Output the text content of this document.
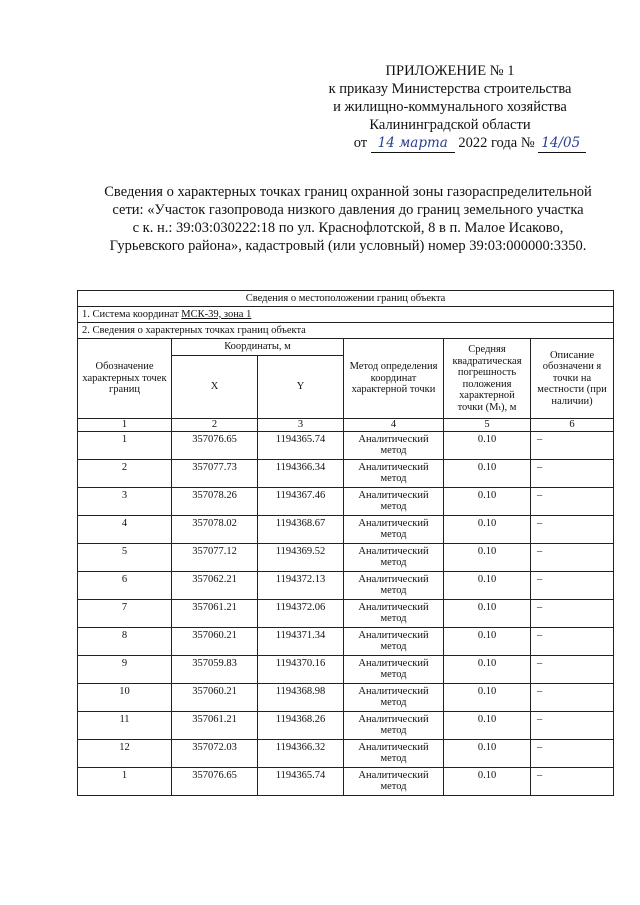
ПРИЛОЖЕНИЕ № 1
к приказу Министерства строительства
и жилищно-коммунального хозяйства
Калининградской области
от 14 марта 2022 года № 14/05
Сведения о характерных точках границ охранной зоны газораспределительной
сети: «Участок газопровода низкого давления до границ земельного участка
с к. н.: 39:03:030222:18 по ул. Краснофлотской, 8 в п. Малое Исаково,
Гурьевского района», кадастровый (или условный) номер 39:03:000000:3350.
Сведения о местоположении границ объекта					
1. Система координат МСК-39, зона 1					
2. Сведения о характерных точках границ объекта					
Обозначение характерных точек границ	Координаты, м		Метод определения координат характерной точки	Средняя квадратическая погрешность положения характерной точки (Mₜ), м	Описание обозначени я точки на местности (при наличии)
	X	Y			
1	2	3	4	5	6
1	357076.65	1194365.74	Аналитический метод	0.10	–
2	357077.73	1194366.34	Аналитический метод	0.10	–
3	357078.26	1194367.46	Аналитический метод	0.10	–
4	357078.02	1194368.67	Аналитический метод	0.10	–
5	357077.12	1194369.52	Аналитический метод	0.10	–
6	357062.21	1194372.13	Аналитический метод	0.10	–
7	357061.21	1194372.06	Аналитический метод	0.10	–
8	357060.21	1194371.34	Аналитический метод	0.10	–
9	357059.83	1194370.16	Аналитический метод	0.10	–
10	357060.21	1194368.98	Аналитический метод	0.10	–
11	357061.21	1194368.26	Аналитический метод	0.10	–
12	357072.03	1194366.32	Аналитический метод	0.10	–
1	357076.65	1194365.74	Аналитический метод	0.10	–
